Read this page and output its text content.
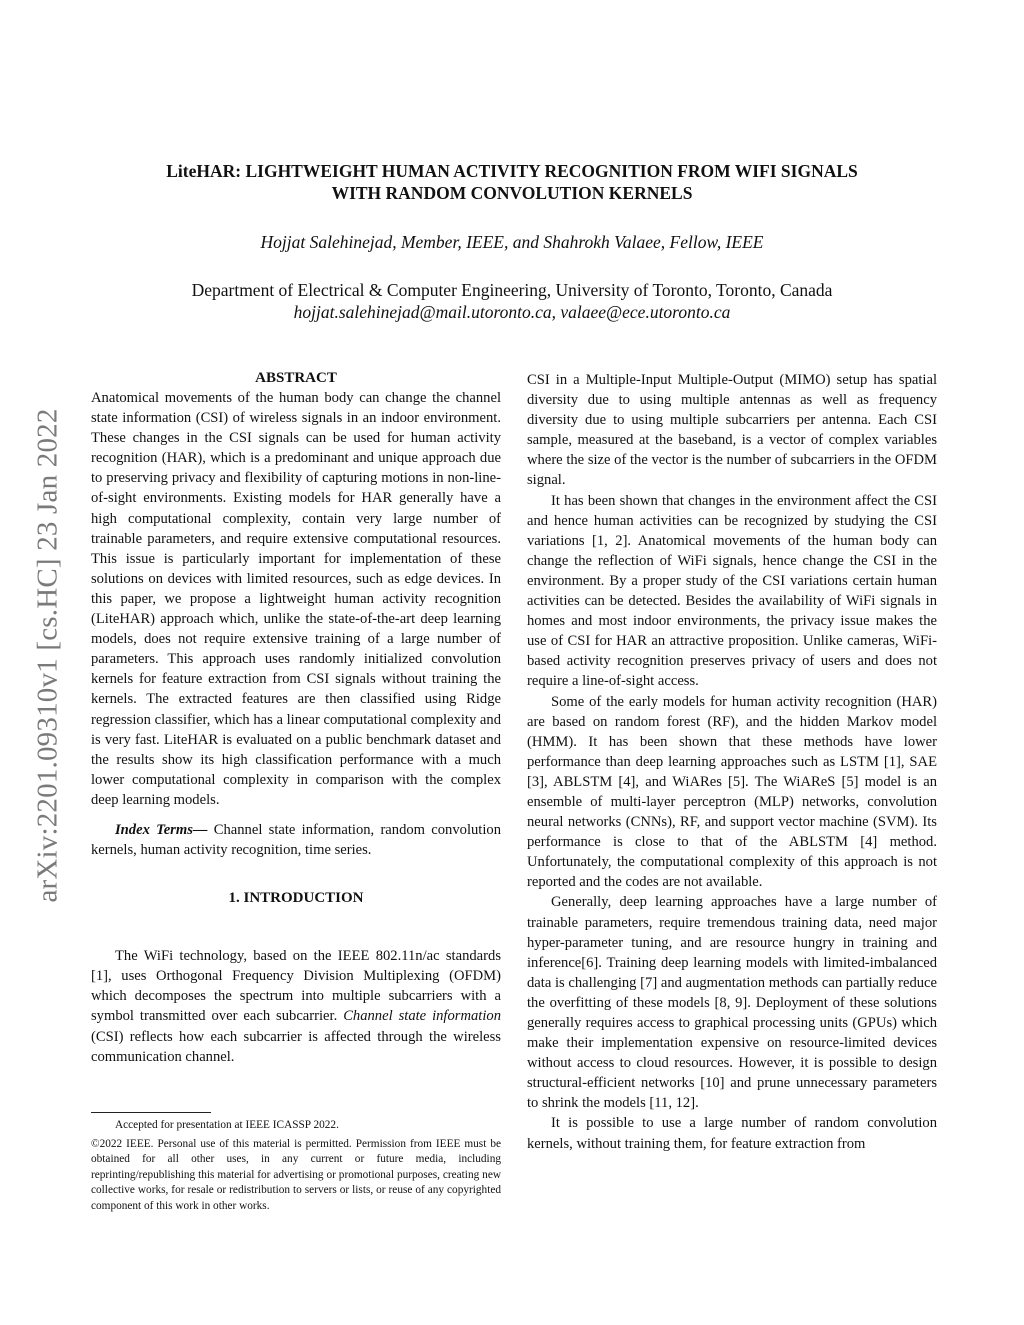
arXiv:2201.09310v1 [cs.HC] 23 Jan 2022
LiteHAR: LIGHTWEIGHT HUMAN ACTIVITY RECOGNITION FROM WIFI SIGNALS
WITH RANDOM CONVOLUTION KERNELS
Hojjat Salehinejad, Member, IEEE, and Shahrokh Valaee, Fellow, IEEE
Department of Electrical & Computer Engineering, University of Toronto, Toronto, Canada
hojjat.salehinejad@mail.utoronto.ca, valaee@ece.utoronto.ca
ABSTRACT

Anatomical movements of the human body can change the channel state information (CSI) of wireless signals in an indoor environment. These changes in the CSI signals can be used for human activity recognition (HAR), which is a predominant and unique approach due to preserving privacy and flexibility of capturing motions in non-line-of-sight environments. Existing models for HAR generally have a high computational complexity, contain very large number of trainable parameters, and require extensive computational resources. This issue is particularly important for implementation of these solutions on devices with limited resources, such as edge devices. In this paper, we propose a lightweight human activity recognition (LiteHAR) approach which, unlike the state-of-the-art deep learning models, does not require extensive training of a large number of parameters. This approach uses randomly initialized convolution kernels for feature extraction from CSI signals without training the kernels. The extracted features are then classified using Ridge regression classifier, which has a linear computational complexity and is very fast. LiteHAR is evaluated on a public benchmark dataset and the results show its high classification performance with a much lower computational complexity in comparison with the complex deep learning models.

Index Terms— Channel state information, random convolution kernels, human activity recognition, time series.

1. INTRODUCTION

The WiFi technology, based on the IEEE 802.11n/ac standards [1], uses Orthogonal Frequency Division Multiplexing (OFDM) which decomposes the spectrum into multiple subcarriers with a symbol transmitted over each subcarrier. Channel state information (CSI) reflects how each subcarrier is affected through the wireless communication channel.

Accepted for presentation at IEEE ICASSP 2022.

©2022 IEEE. Personal use of this material is permitted. Permission from IEEE must be obtained for all other uses, in any current or future media, including reprinting/republishing this material for advertising or promotional purposes, creating new collective works, for resale or redistribution to servers or lists, or reuse of any copyrighted component of this work in other works.

CSI in a Multiple-Input Multiple-Output (MIMO) setup has spatial diversity due to using multiple antennas as well as frequency diversity due to using multiple subcarriers per antenna. Each CSI sample, measured at the baseband, is a vector of complex variables where the size of the vector is the number of subcarriers in the OFDM signal.

It has been shown that changes in the environment affect the CSI and hence human activities can be recognized by studying the CSI variations [1, 2]. Anatomical movements of the human body can change the reflection of WiFi signals, hence change the CSI in the environment. By a proper study of the CSI variations certain human activities can be detected. Besides the availability of WiFi signals in homes and most indoor environments, the privacy issue makes the use of CSI for HAR an attractive proposition. Unlike cameras, WiFi-based activity recognition preserves privacy of users and does not require a line-of-sight access.

Some of the early models for human activity recognition (HAR) are based on random forest (RF), and the hidden Markov model (HMM). It has been shown that these methods have lower performance than deep learning approaches such as LSTM [1], SAE [3], ABLSTM [4], and WiARes [5]. The WiAReS [5] model is an ensemble of multi-layer perceptron (MLP) networks, convolution neural networks (CNNs), RF, and support vector machine (SVM). Its performance is close to that of the ABLSTM [4] method. Unfortunately, the computational complexity of this approach is not reported and the codes are not available.

Generally, deep learning approaches have a large number of trainable parameters, require tremendous training data, need major hyper-parameter tuning, and are resource hungry in training and inference[6]. Training deep learning models with limited-imbalanced data is challenging [7] and augmentation methods can partially reduce the overfitting of these models [8, 9]. Deployment of these solutions generally requires access to graphical processing units (GPUs) which make their implementation expensive on resource-limited devices without access to cloud resources. However, it is possible to design structural-efficient networks [10] and prune unnecessary parameters to shrink the models [11, 12].

It is possible to use a large number of random convolution kernels, without training them, for feature extraction from
